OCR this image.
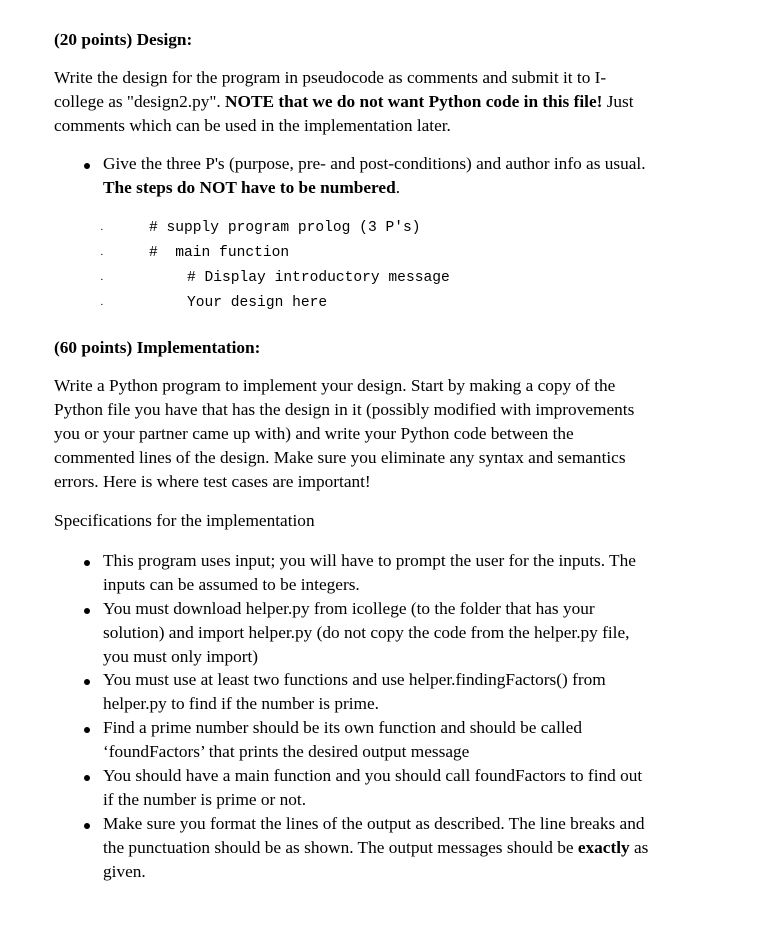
(20 points) Design:
Write the design for the program in pseudocode as comments and submit it to I-
college as "design2.py". NOTE that we do not want Python code in this file! Just
comments which can be used in the implementation later.
Give the three P's (purpose, pre- and post-conditions) and author info as usual.
The steps do NOT have to be numbered.
·
·
·
·
# supply program prolog (3 P's)
#  main function
# Display introductory message
Your design here
(60 points) Implementation:
Write a Python program to implement your design. Start by making a copy of the
Python file you have that has the design in it (possibly modified with improvements
you or your partner came up with) and write your Python code between the
commented lines of the design. Make sure you eliminate any syntax and semantics
errors. Here is where test cases are important!
Specifications for the implementation
This program uses input; you will have to prompt the user for the inputs. The
inputs can be assumed to be integers.
You must download helper.py from icollege (to the folder that has your
solution) and import helper.py (do not copy the code from the helper.py file,
you must only import)
You must use at least two functions and use helper.findingFactors() from
helper.py to find if the number is prime.
Find a prime number should be its own function and should be called
‘foundFactors’ that prints the desired output message
You should have a main function and you should call foundFactors to find out
if the number is prime or not.
Make sure you format the lines of the output as described. The line breaks and
the punctuation should be as shown. The output messages should be exactly as
given.
